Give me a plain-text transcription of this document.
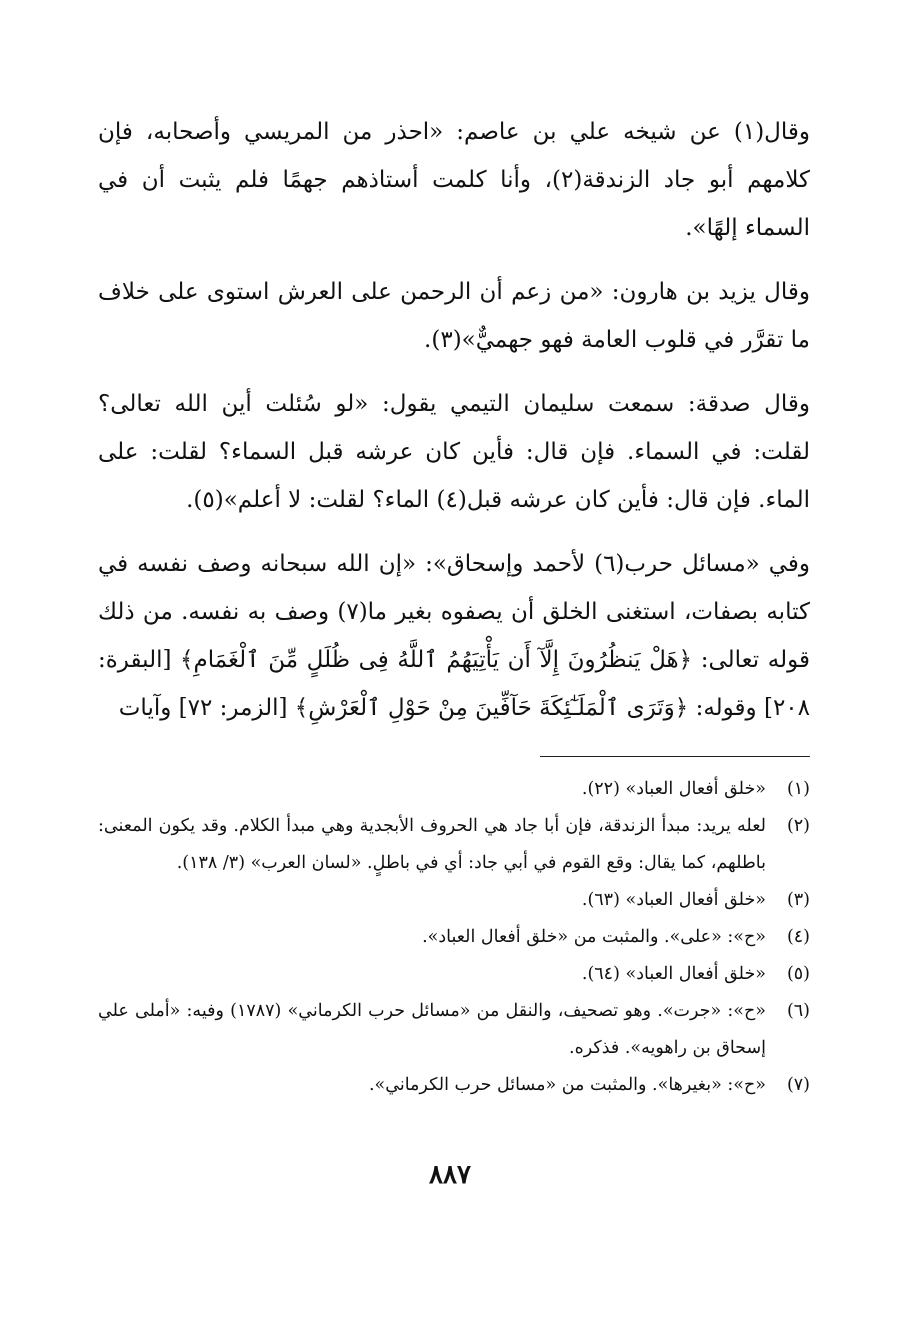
وقال(١) عن شيخه علي بن عاصم: «احذر من المريسي وأصحابه، فإن كلامهم أبو جاد الزندقة(٢)، وأنا كلمت أستاذهم جهمًا فلم يثبت أن في السماء إلهًا».

وقال يزيد بن هارون: «من زعم أن الرحمن على العرش استوى على خلاف ما تقرَّر في قلوب العامة فهو جهميٌّ»(٣).

وقال صدقة: سمعت سليمان التيمي يقول: «لو سُئلت أين الله تعالى؟ لقلت: في السماء. فإن قال: فأين كان عرشه قبل السماء؟ لقلت: على الماء. فإن قال: فأين كان عرشه قبل(٤) الماء؟ لقلت: لا أعلم»(٥).

وفي «مسائل حرب(٦) لأحمد وإسحاق»: «إن الله سبحانه وصف نفسه في كتابه بصفات، استغنى الخلق أن يصفوه بغير ما(٧) وصف به نفسه. من ذلك قوله تعالى: ﴿هَلْ يَنظُرُونَ إِلَّآ أَن يَأْتِيَهُمُ ٱللَّهُ فِى ظُلَلٍ مِّنَ ٱلْغَمَامِ﴾ [البقرة: ٢٠٨] وقوله: ﴿وَتَرَى ٱلْمَلَـٰٓئِكَةَ حَآفِّينَ مِنْ حَوْلِ ٱلْعَرْشِ﴾ [الزمر: ٧٢] وآيات

(١)
«خلق أفعال العباد» (٢٢).
(٢)
لعله يريد: مبدأ الزندقة، فإن أبا جاد هي الحروف الأبجدية وهي مبدأ الكلام. وقد يكون المعنى: باطلهم، كما يقال: وقع القوم في أبي جاد: أي في باطلٍ. «لسان العرب» (٣/ ١٣٨).
(٣)
«خلق أفعال العباد» (٦٣).
(٤)
«ح»: «على». والمثبت من «خلق أفعال العباد».
(٥)
«خلق أفعال العباد» (٦٤).
(٦)
«ح»: «جرت». وهو تصحيف، والنقل من «مسائل حرب الكرماني» (١٧٨٧) وفيه: «أملى علي إسحاق بن راهويه». فذكره.
(٧)
«ح»: «بغيرها». والمثبت من «مسائل حرب الكرماني».
٨٨٧
